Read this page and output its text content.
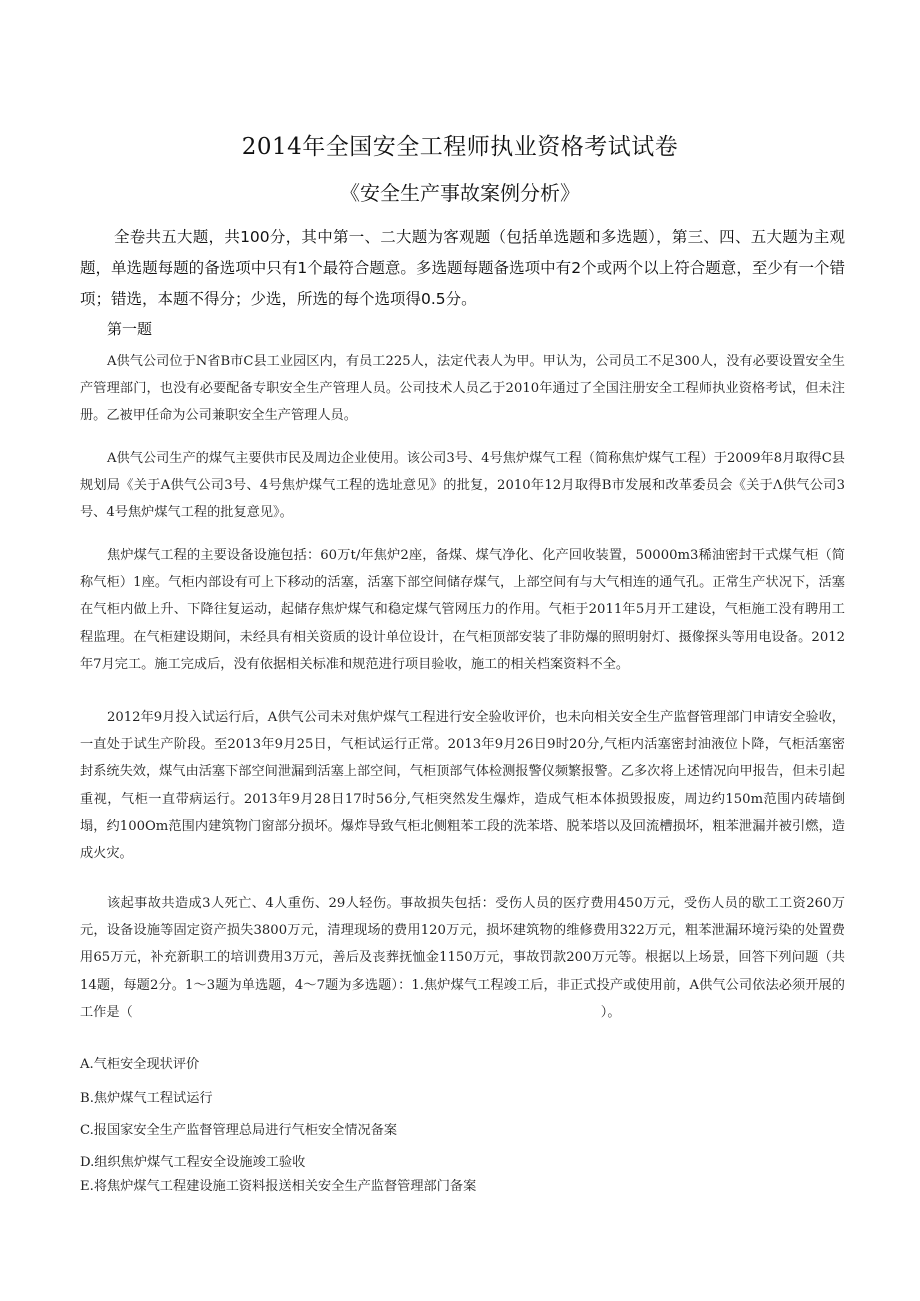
2014年全国安全工程师执业资格考试试卷
《安全生产事故案例分析》

全卷共五大题，共100分，其中第一、二大题为客观题（包括单选题和多选题），第三、四、五大题为主观题，单选题每题的备选项中只有1个最符合题意。多选题每题备选项中有2个或两个以上符合题意，至少有一个错项；错选，本题不得分；少选，所选的每个选项得0.5分。

第一题

A供气公司位于N省B市C县工业园区内，有员工225人，法定代表人为甲。甲认为，公司员工不足300人，没有必要设置安全生产管理部门，也没有必要配备专职安全生产管理人员。公司技术人员乙于2010年通过了全国注册安全工程师执业资格考试，但未注册。乙被甲任命为公司兼职安全生产管理人员。

A供气公司生产的煤气主要供市民及周边企业使用。该公司3号、4号焦炉煤气工程（简称焦炉煤气工程）于2009年8月取得C县规划局《关于A供气公司3号、4号焦炉煤气工程的选址意见》的批复，2010年12月取得B市发展和改革委员会《关于Λ供气公司3号、4号焦炉煤气工程的批复意见》。

焦炉煤气工程的主要设备设施包括：60万t/年焦炉2座，备煤、煤气净化、化产回收装置，50000m3稀油密封干式煤气柜（简称气柜）1座。气柜内部设有可上下移动的活塞，活塞下部空间储存煤气，上部空间有与大气相连的通气孔。正常生产状况下，活塞在气柜内做上升、下降往复运动，起储存焦炉煤气和稳定煤气管网压力的作用。气柜于2011年5月开工建设，气柜施工没有聘用工程监理。在气柜建设期间，未经具有相关资质的设计单位设计，在气柜顶部安装了非防爆的照明射灯、摄像探头等用电设备。2012年7月完工。施工完成后，没有依据相关标准和规范进行项目验收，施工的相关档案资料不全。

2012年9月投入试运行后，A供气公司未对焦炉煤气工程进行安全验收评价，也未向相关安全生产监督管理部门申请安全验收，一直处于试生产阶段。至2013年9月25日，气柜试运行正常。2013年9月26日9时20分,气柜内活塞密封油液位卜降，气柜活塞密封系统失效，煤气由活塞下部空间泄漏到活塞上部空间，气柜顶部气体检测报警仪频繁报警。乙多次将上述情况向甲报告，但未引起重视，气柜一直带病运行。2013年9月28日17时56分,气柜突然发生爆炸，造成气柜本体损毁报废，周边约150m范围内砖墙倒塌，约100Om范围内建筑物门窗部分损坏。爆炸导致气柜北侧粗苯工段的洗苯塔、脱苯塔以及回流槽损坏，粗苯泄漏并被引燃，造成火灾。

该起事故共造成3人死亡、4人重伤、29人轻伤。事故损失包括：受伤人员的医疗费用450万元，受伤人员的歇工工资260万元，设备设施等固定资产损失3800万元，清理现场的费用120万元，损坏建筑物的维修费用322万元，粗苯泄漏环境污染的处置费用65万元，补充新职工的培训费用3万元，善后及丧葬抚恤金1150万元，事故罚款200万元等。根据以上场景，回答下列问题（共14题，每题2分。1〜3题为单选题，4〜7题为多选题）：1.焦炉煤气工程竣工后，非正式投产或使用前，A供气公司依法必须开展的工作是（	）。

A.气柜安全现状评价
B.焦炉煤气工程试运行
C.报国家安全生产监督管理总局进行气柜安全情况备案
D.组织焦炉煤气工程安全设施竣工验收
E.将焦炉煤气工程建设施工资料报送相关安全生产监督管理部门备案
